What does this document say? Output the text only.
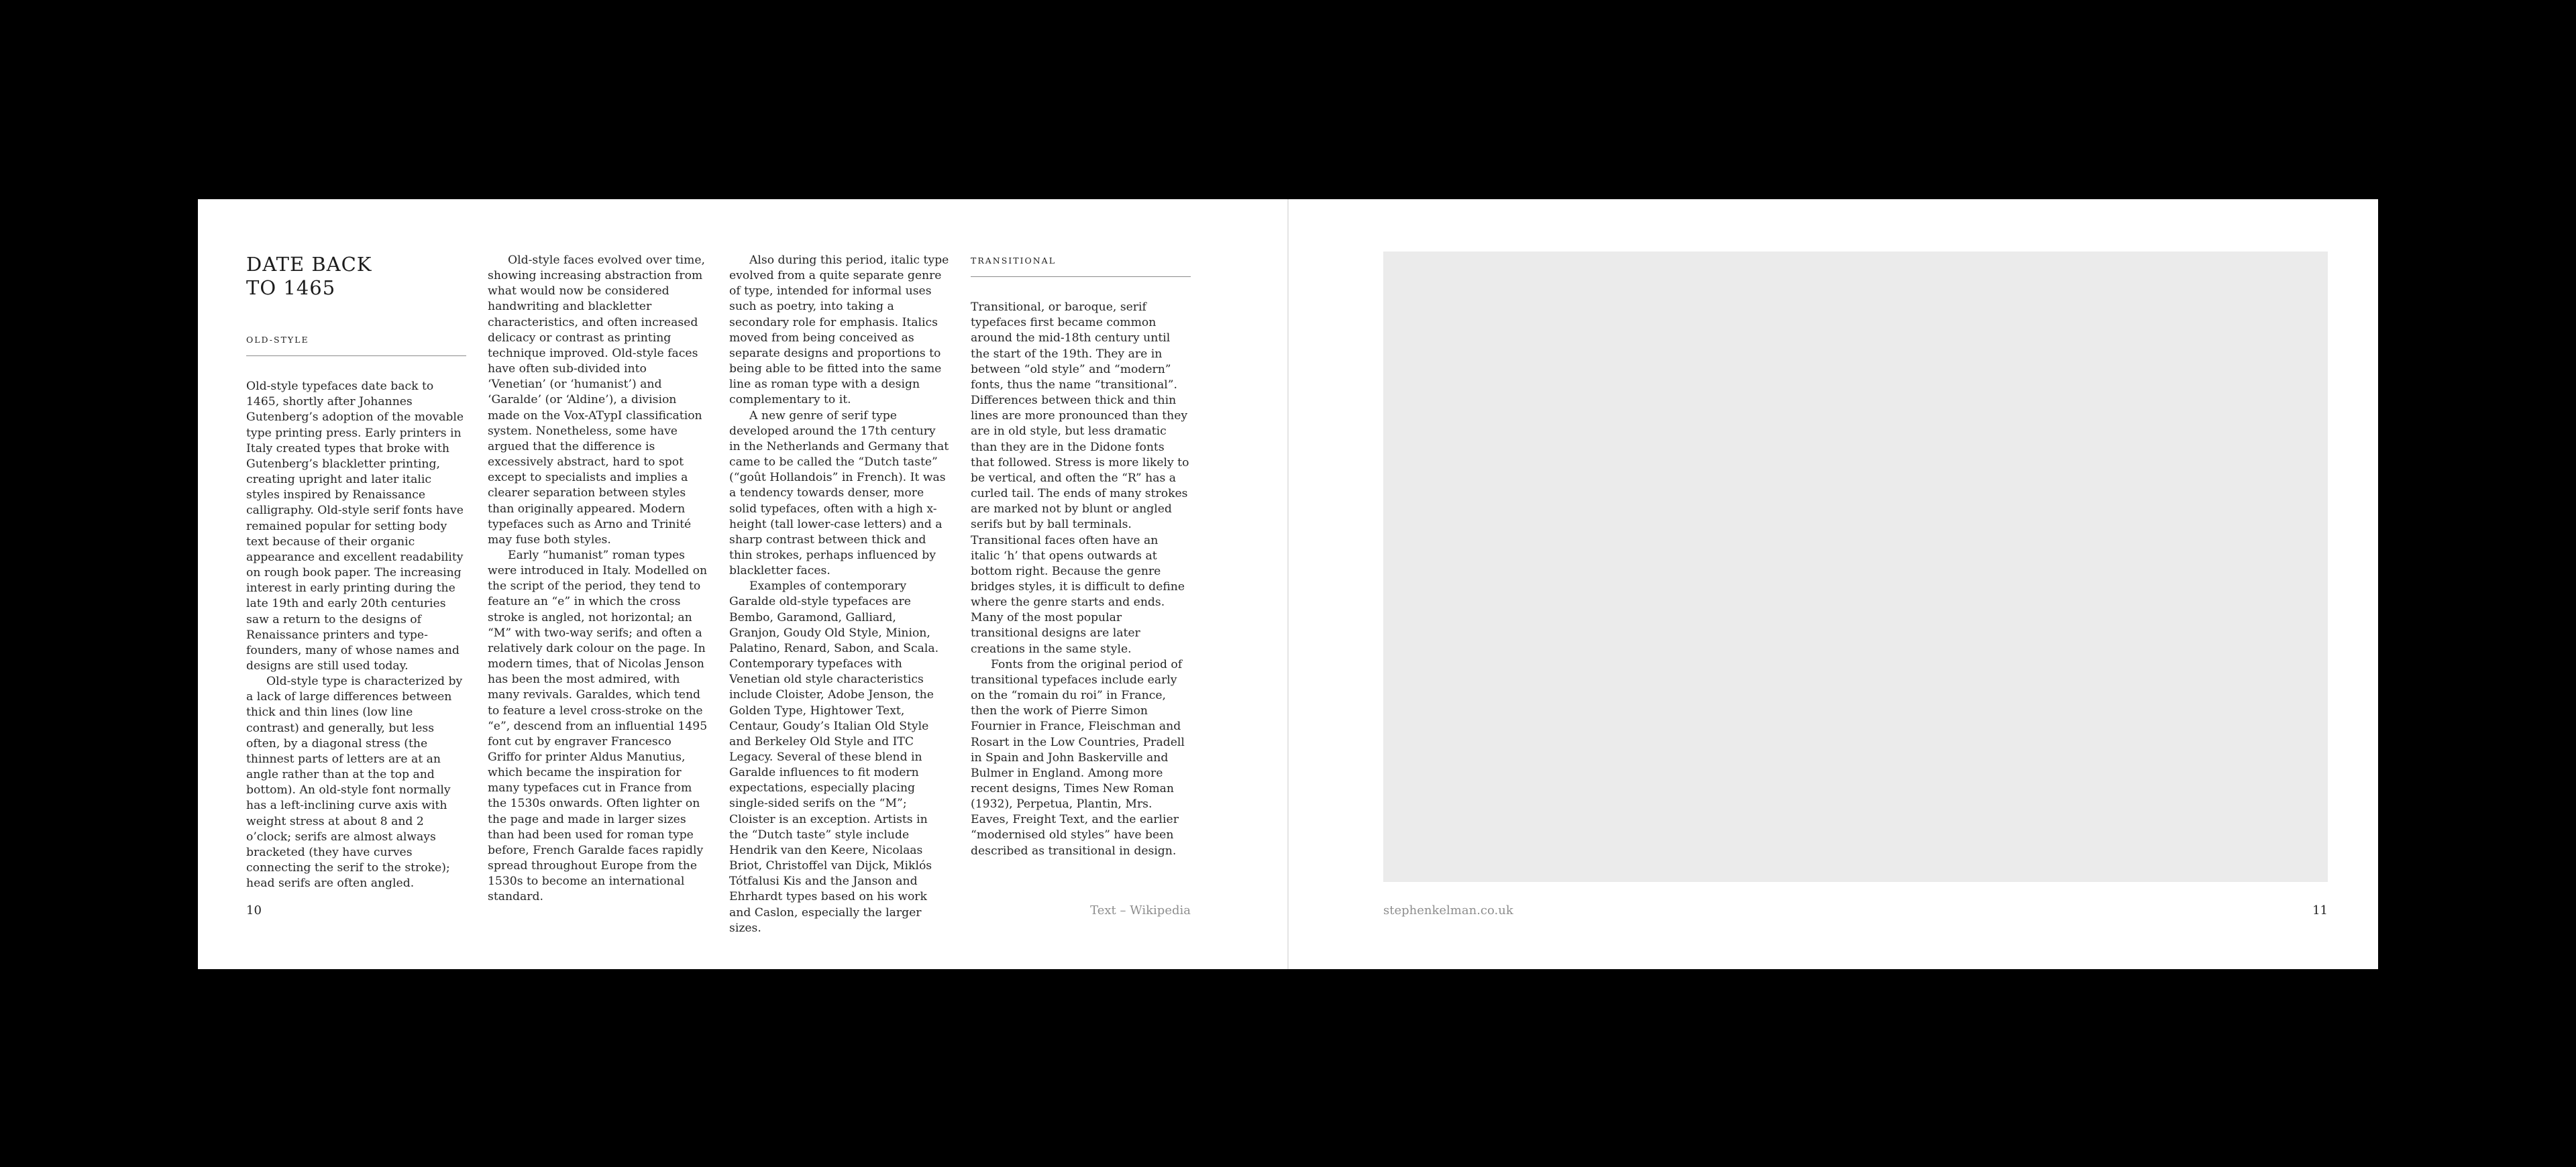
DATE BACK
TO 1465
OLD-STYLE

Old-style typefaces date back to 1465, shortly after Johannes Gutenberg’s adoption of the movable type printing press. Early printers in Italy created types that broke with Gutenberg’s blackletter printing, creating upright and later italic styles inspired by Renaissance calligraphy. Old-style serif fonts have remained popular for setting body text because of their organic appearance and excellent readability on rough book paper. The increasing interest in early printing during the late 19th and early 20th centuries saw a return to the designs of Renaissance printers and type-founders, many of whose names and designs are still used today.

Old-style type is characterized by a lack of large differences between thick and thin lines (low line contrast) and generally, but less often, by a diagonal stress (the thinnest parts of letters are at an angle rather than at the top and bottom). An old-style font normally has a left-inclining curve axis with weight stress at about 8 and 2 o’clock; serifs are almost always bracketed (they have curves connecting the serif to the stroke); head serifs are often angled.

Old-style faces evolved over time, showing increasing abstraction from what would now be considered handwriting and blackletter characteristics, and often increased delicacy or contrast as printing technique improved. Old-style faces have often sub-divided into ‘Venetian’ (or ‘humanist’) and ‘Garalde’ (or ‘Aldine’), a division made on the Vox-ATypI classification system. Nonetheless, some have argued that the difference is excessively abstract, hard to spot except to specialists and implies a clearer separation between styles than originally appeared. Modern typefaces such as Arno and Trinité may fuse both styles.

Early “humanist” roman types were introduced in Italy. Modelled on the script of the period, they tend to feature an “e” in which the cross stroke is angled, not horizontal; an “M” with two-way serifs; and often a relatively dark colour on the page. In modern times, that of Nicolas Jenson has been the most admired, with many revivals. Garaldes, which tend to feature a level cross-stroke on the “e”, descend from an influential 1495 font cut by engraver Francesco Griffo for printer Aldus Manutius, which became the inspiration for many typefaces cut in France from the 1530s onwards. Often lighter on the page and made in larger sizes than had been used for roman type before, French Garalde faces rapidly spread throughout Europe from the 1530s to become an international standard.

Also during this period, italic type evolved from a quite separate genre of type, intended for informal uses such as poetry, into taking a secondary role for emphasis. Italics moved from being conceived as separate designs and proportions to being able to be fitted into the same line as roman type with a design complementary to it.

A new genre of serif type developed around the 17th century in the Netherlands and Germany that came to be called the “Dutch taste” (“goût Hollandois” in French). It was a tendency towards denser, more solid typefaces, often with a high x-height (tall lower-case letters) and a sharp contrast between thick and thin strokes, perhaps influenced by blackletter faces.

Examples of contemporary Garalde old-style typefaces are Bembo, Garamond, Galliard, Granjon, Goudy Old Style, Minion, Palatino, Renard, Sabon, and Scala. Contemporary typefaces with Venetian old style characteristics include Cloister, Adobe Jenson, the Golden Type, Hightower Text, Centaur, Goudy’s Italian Old Style and Berkeley Old Style and ITC Legacy. Several of these blend in Garalde influences to fit modern expectations, especially placing single-sided serifs on the “M”; Cloister is an exception. Artists in the “Dutch taste” style include Hendrik van den Keere, Nicolaas Briot, Christoffel van Dijck, Miklós Tótfalusi Kis and the Janson and Ehrhardt types based on his work and Caslon, especially the larger sizes.

TRANSITIONAL

Transitional, or baroque, serif typefaces first became common around the mid-18th century until the start of the 19th. They are in between “old style” and “modern” fonts, thus the name “transitional”. Differences between thick and thin lines are more pronounced than they are in old style, but less dramatic than they are in the Didone fonts that followed. Stress is more likely to be vertical, and often the “R” has a curled tail. The ends of many strokes are marked not by blunt or angled serifs but by ball terminals. Transitional faces often have an italic ‘h’ that opens outwards at bottom right. Because the genre bridges styles, it is difficult to define where the genre starts and ends. Many of the most popular transitional designs are later creations in the same style.

Fonts from the original period of transitional typefaces include early on the “romain du roi” in France, then the work of Pierre Simon Fournier in France, Fleischman and Rosart in the Low Countries, Pradell in Spain and John Baskerville and Bulmer in England. Among more recent designs, Times New Roman (1932), Perpetua, Plantin, Mrs. Eaves, Freight Text, and the earlier “modernised old styles” have been described as transitional in design.

10	Text – Wikipedia	stephenkelman.co.uk	11
